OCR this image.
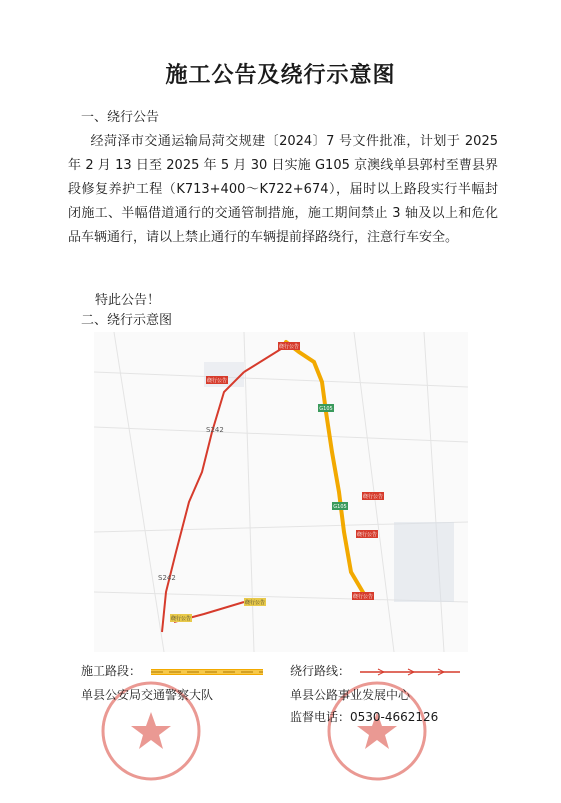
施工公告及绕行示意图
一、绕行公告
经菏泽市交通运输局菏交规建〔2024〕7 号文件批准，计划于 2025 年 2 月 13 日至 2025 年 5 月 30 日实施 G105 京澳线单县郭村至曹县界段修复养护工程（K713+400～K722+674），届时以上路段实行半幅封闭施工、半幅借道通行的交通管制措施，施工期间禁止 3 轴及以上和危化品车辆通行，请以上禁止通行的车辆提前择路绕行，注意行车安全。
特此公告！
二、绕行示意图
S242
S242
G105
G105
绕行公告
绕行公告
绕行公告
绕行公告
绕行公告
绕行公告
绕行公告
施工路段：	绕行路线：
单县公安局交通警察大队	单县公路事业发展中心
监督电话：0530-4662126
